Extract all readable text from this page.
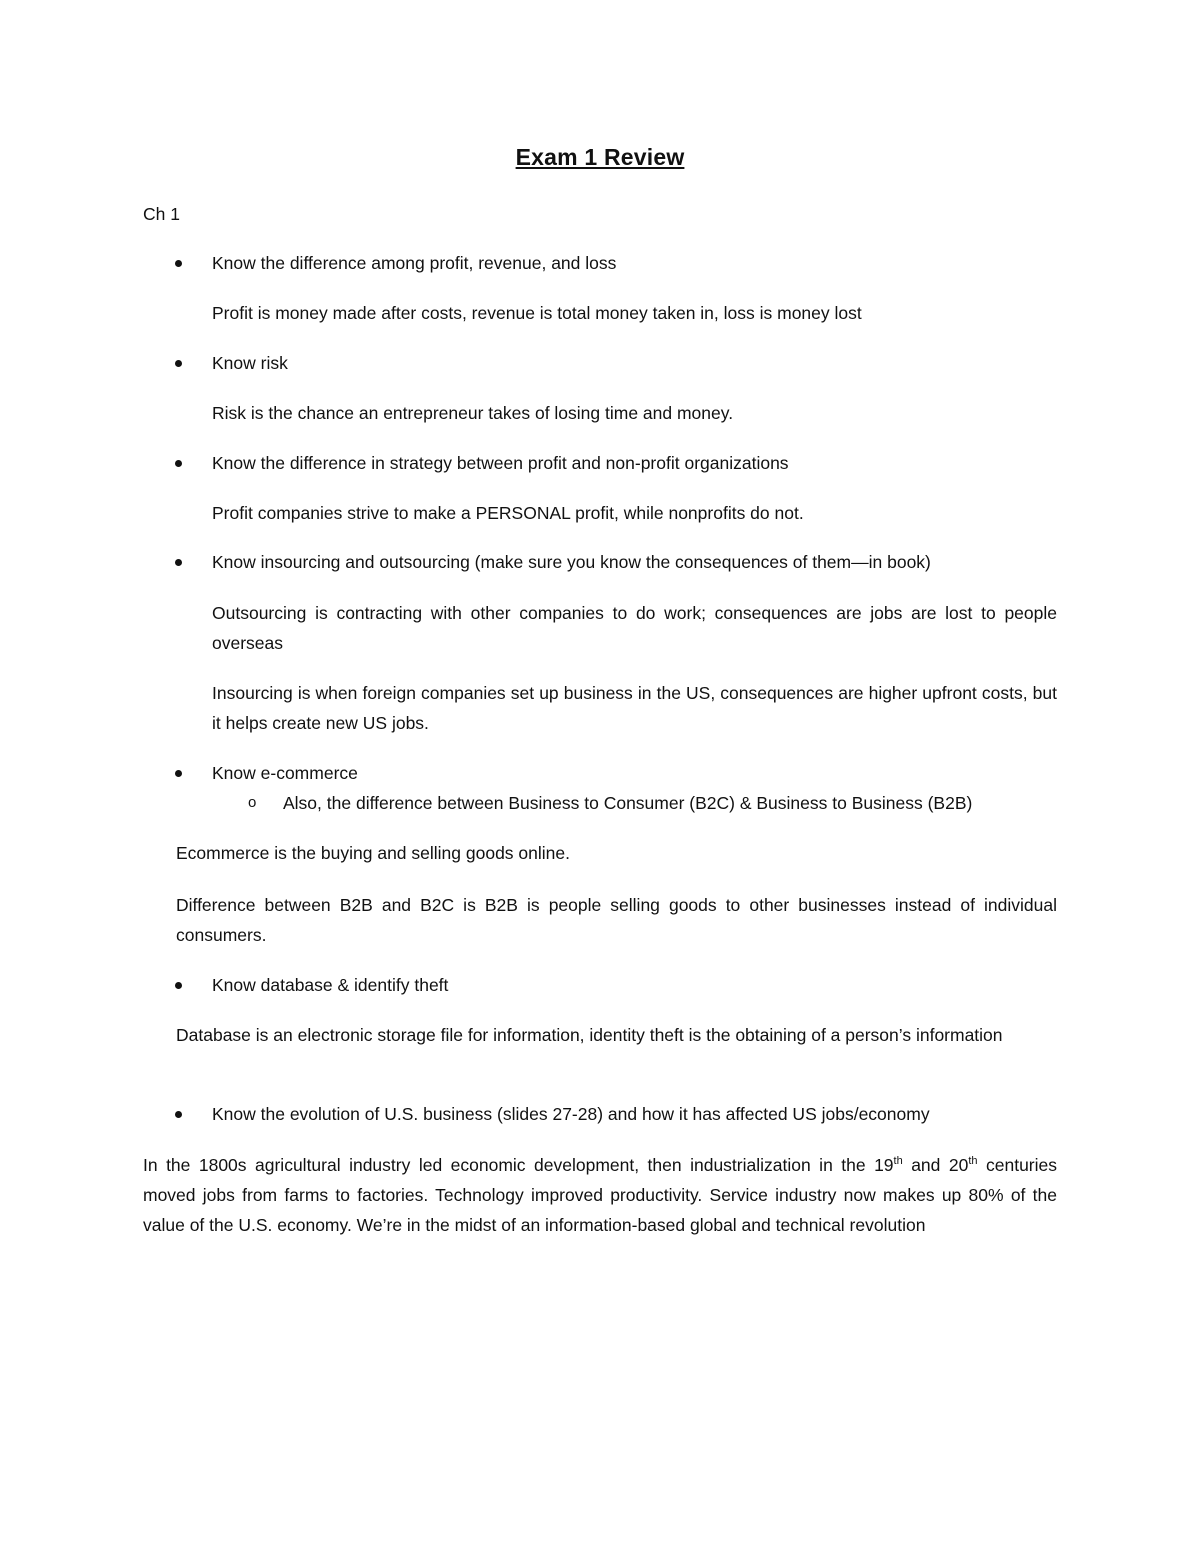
Exam 1 Review
Ch 1
Know the difference among profit, revenue, and loss
Profit is money made after costs, revenue is total money taken in, loss is money lost
Know risk
Risk is the chance an entrepreneur takes of losing time and money.
Know the difference in strategy between profit and non-profit organizations
Profit companies strive to make a PERSONAL profit, while nonprofits do not.
Know insourcing and outsourcing (make sure you know the consequences of them—in book)
Outsourcing is contracting with other companies to do work; consequences are jobs are lost to people overseas
Insourcing is when foreign companies set up business in the US, consequences are higher upfront costs, but it helps create new US jobs.
Know e-commerce
o Also, the difference between Business to Consumer (B2C) & Business to Business (B2B)
Ecommerce is the buying and selling goods online.
Difference between B2B and B2C is B2B is people selling goods to other businesses instead of individual consumers.
Know database & identify theft
Database is an electronic storage file for information, identity theft is the obtaining of a person’s information
Know the evolution of U.S. business (slides 27-28) and how it has affected US jobs/economy
In the 1800s agricultural industry led economic development, then industrialization in the 19th and 20th centuries moved jobs from farms to factories. Technology improved productivity. Service industry now makes up 80% of the value of the U.S. economy. We’re in the midst of an information-based global and technical revolution
